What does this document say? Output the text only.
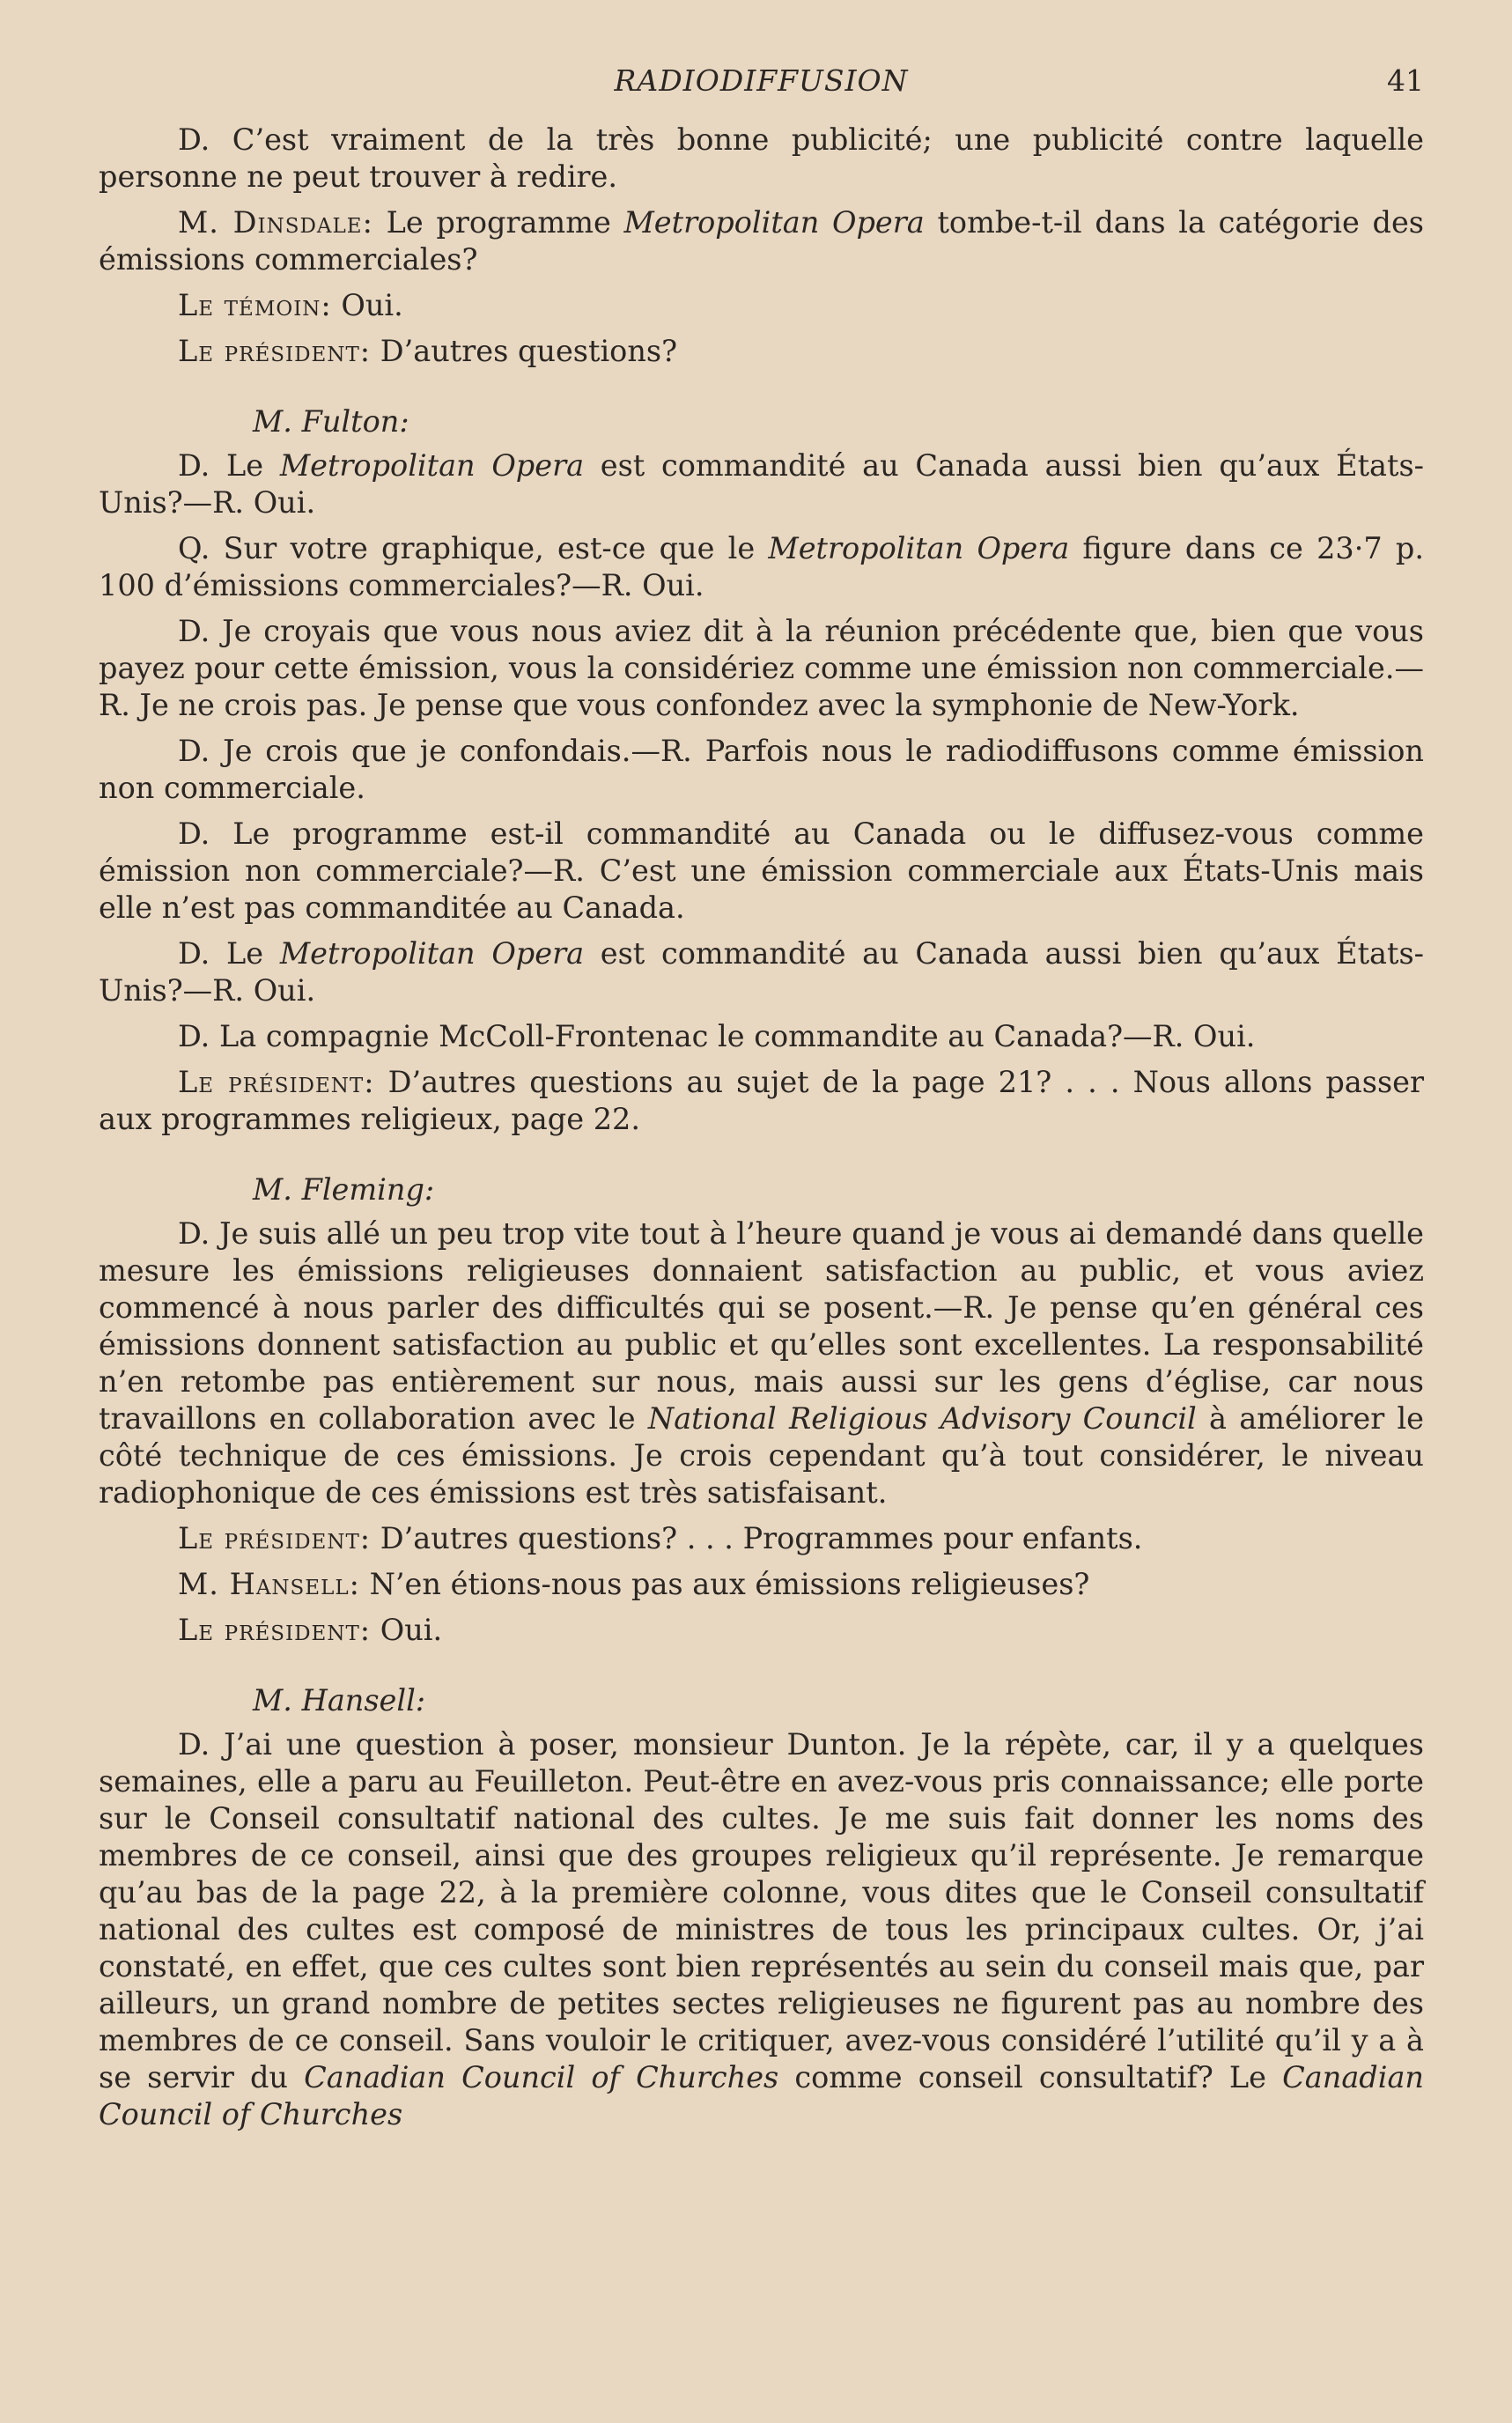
RADIODIFFUSION	41

D. C’est vraiment de la très bonne publicité; une publicité contre laquelle personne ne peut trouver à redire.

M. Dinsdale: Le programme Metropolitan Opera tombe-t-il dans la catégorie des émissions commerciales?

Le témoin: Oui.

Le président: D’autres questions?

M. Fulton:

D. Le Metropolitan Opera est commandité au Canada aussi bien qu’aux États-Unis?—R. Oui.

Q. Sur votre graphique, est-ce que le Metropolitan Opera figure dans ce 23·7 p. 100 d’émissions commerciales?—R. Oui.

D. Je croyais que vous nous aviez dit à la réunion précédente que, bien que vous payez pour cette émission, vous la considériez comme une émission non commerciale.—R. Je ne crois pas. Je pense que vous confondez avec la symphonie de New-York.

D. Je crois que je confondais.—R. Parfois nous le radiodiffusons comme émission non commerciale.

D. Le programme est-il commandité au Canada ou le diffusez-vous comme émission non commerciale?—R. C’est une émission commerciale aux États-Unis mais elle n’est pas commanditée au Canada.

D. Le Metropolitan Opera est commandité au Canada aussi bien qu’aux États-Unis?—R. Oui.

D. La compagnie McColl-Frontenac le commandite au Canada?—R. Oui.

Le président: D’autres questions au sujet de la page 21? . . . Nous allons passer aux programmes religieux, page 22.

M. Fleming:

D. Je suis allé un peu trop vite tout à l’heure quand je vous ai demandé dans quelle mesure les émissions religieuses donnaient satisfaction au public, et vous aviez commencé à nous parler des difficultés qui se posent.—R. Je pense qu’en général ces émissions donnent satisfaction au public et qu’elles sont excellentes. La responsabilité n’en retombe pas entièrement sur nous, mais aussi sur les gens d’église, car nous travaillons en collaboration avec le National Religious Advisory Council à améliorer le côté technique de ces émissions. Je crois cependant qu’à tout considérer, le niveau radiophonique de ces émissions est très satisfaisant.

Le président: D’autres questions? . . . Programmes pour enfants.

M. Hansell: N’en étions-nous pas aux émissions religieuses?

Le président: Oui.

M. Hansell:

D. J’ai une question à poser, monsieur Dunton. Je la répète, car, il y a quelques semaines, elle a paru au Feuilleton. Peut-être en avez-vous pris connaissance; elle porte sur le Conseil consultatif national des cultes. Je me suis fait donner les noms des membres de ce conseil, ainsi que des groupes religieux qu’il représente. Je remarque qu’au bas de la page 22, à la première colonne, vous dites que le Conseil consultatif national des cultes est composé de ministres de tous les principaux cultes. Or, j’ai constaté, en effet, que ces cultes sont bien représentés au sein du conseil mais que, par ailleurs, un grand nombre de petites sectes religieuses ne figurent pas au nombre des membres de ce conseil. Sans vouloir le critiquer, avez-vous considéré l’utilité qu’il y a à se servir du Canadian Council of Churches comme conseil consultatif? Le Canadian Council of Churches
